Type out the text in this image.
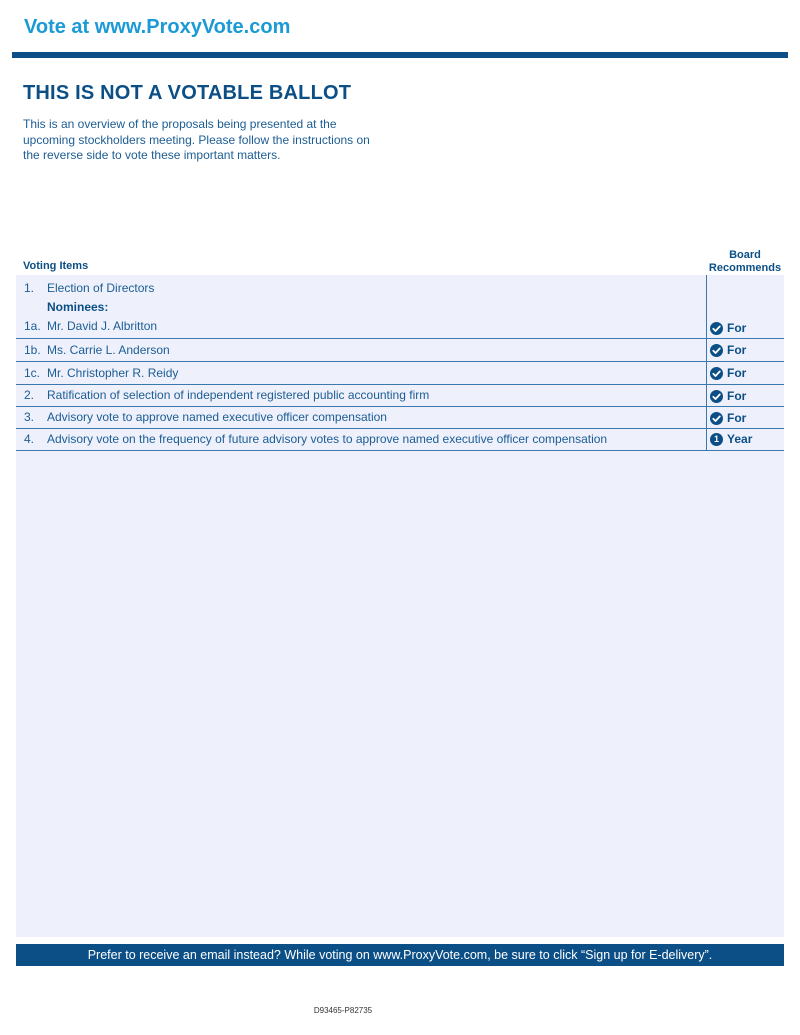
Vote at www.ProxyVote.com
THIS IS NOT A VOTABLE BALLOT

This is an overview of the proposals being presented at the upcoming stockholders meeting. Please follow the instructions on the reverse side to vote these important matters.

Voting Items
Board
Recommends
1. Election of Directors
Nominees:
1a. Mr. David J. Albritton	For
1b. Ms. Carrie L. Anderson	For
1c. Mr. Christopher R. Reidy	For
2. Ratification of selection of independent registered public accounting firm	For
3. Advisory vote to approve named executive officer compensation	For
4. Advisory vote on the frequency of future advisory votes to approve named executive officer compensation	1 Year
Prefer to receive an email instead? While voting on www.ProxyVote.com, be sure to click “Sign up for E-delivery”.
D93465-P82735
